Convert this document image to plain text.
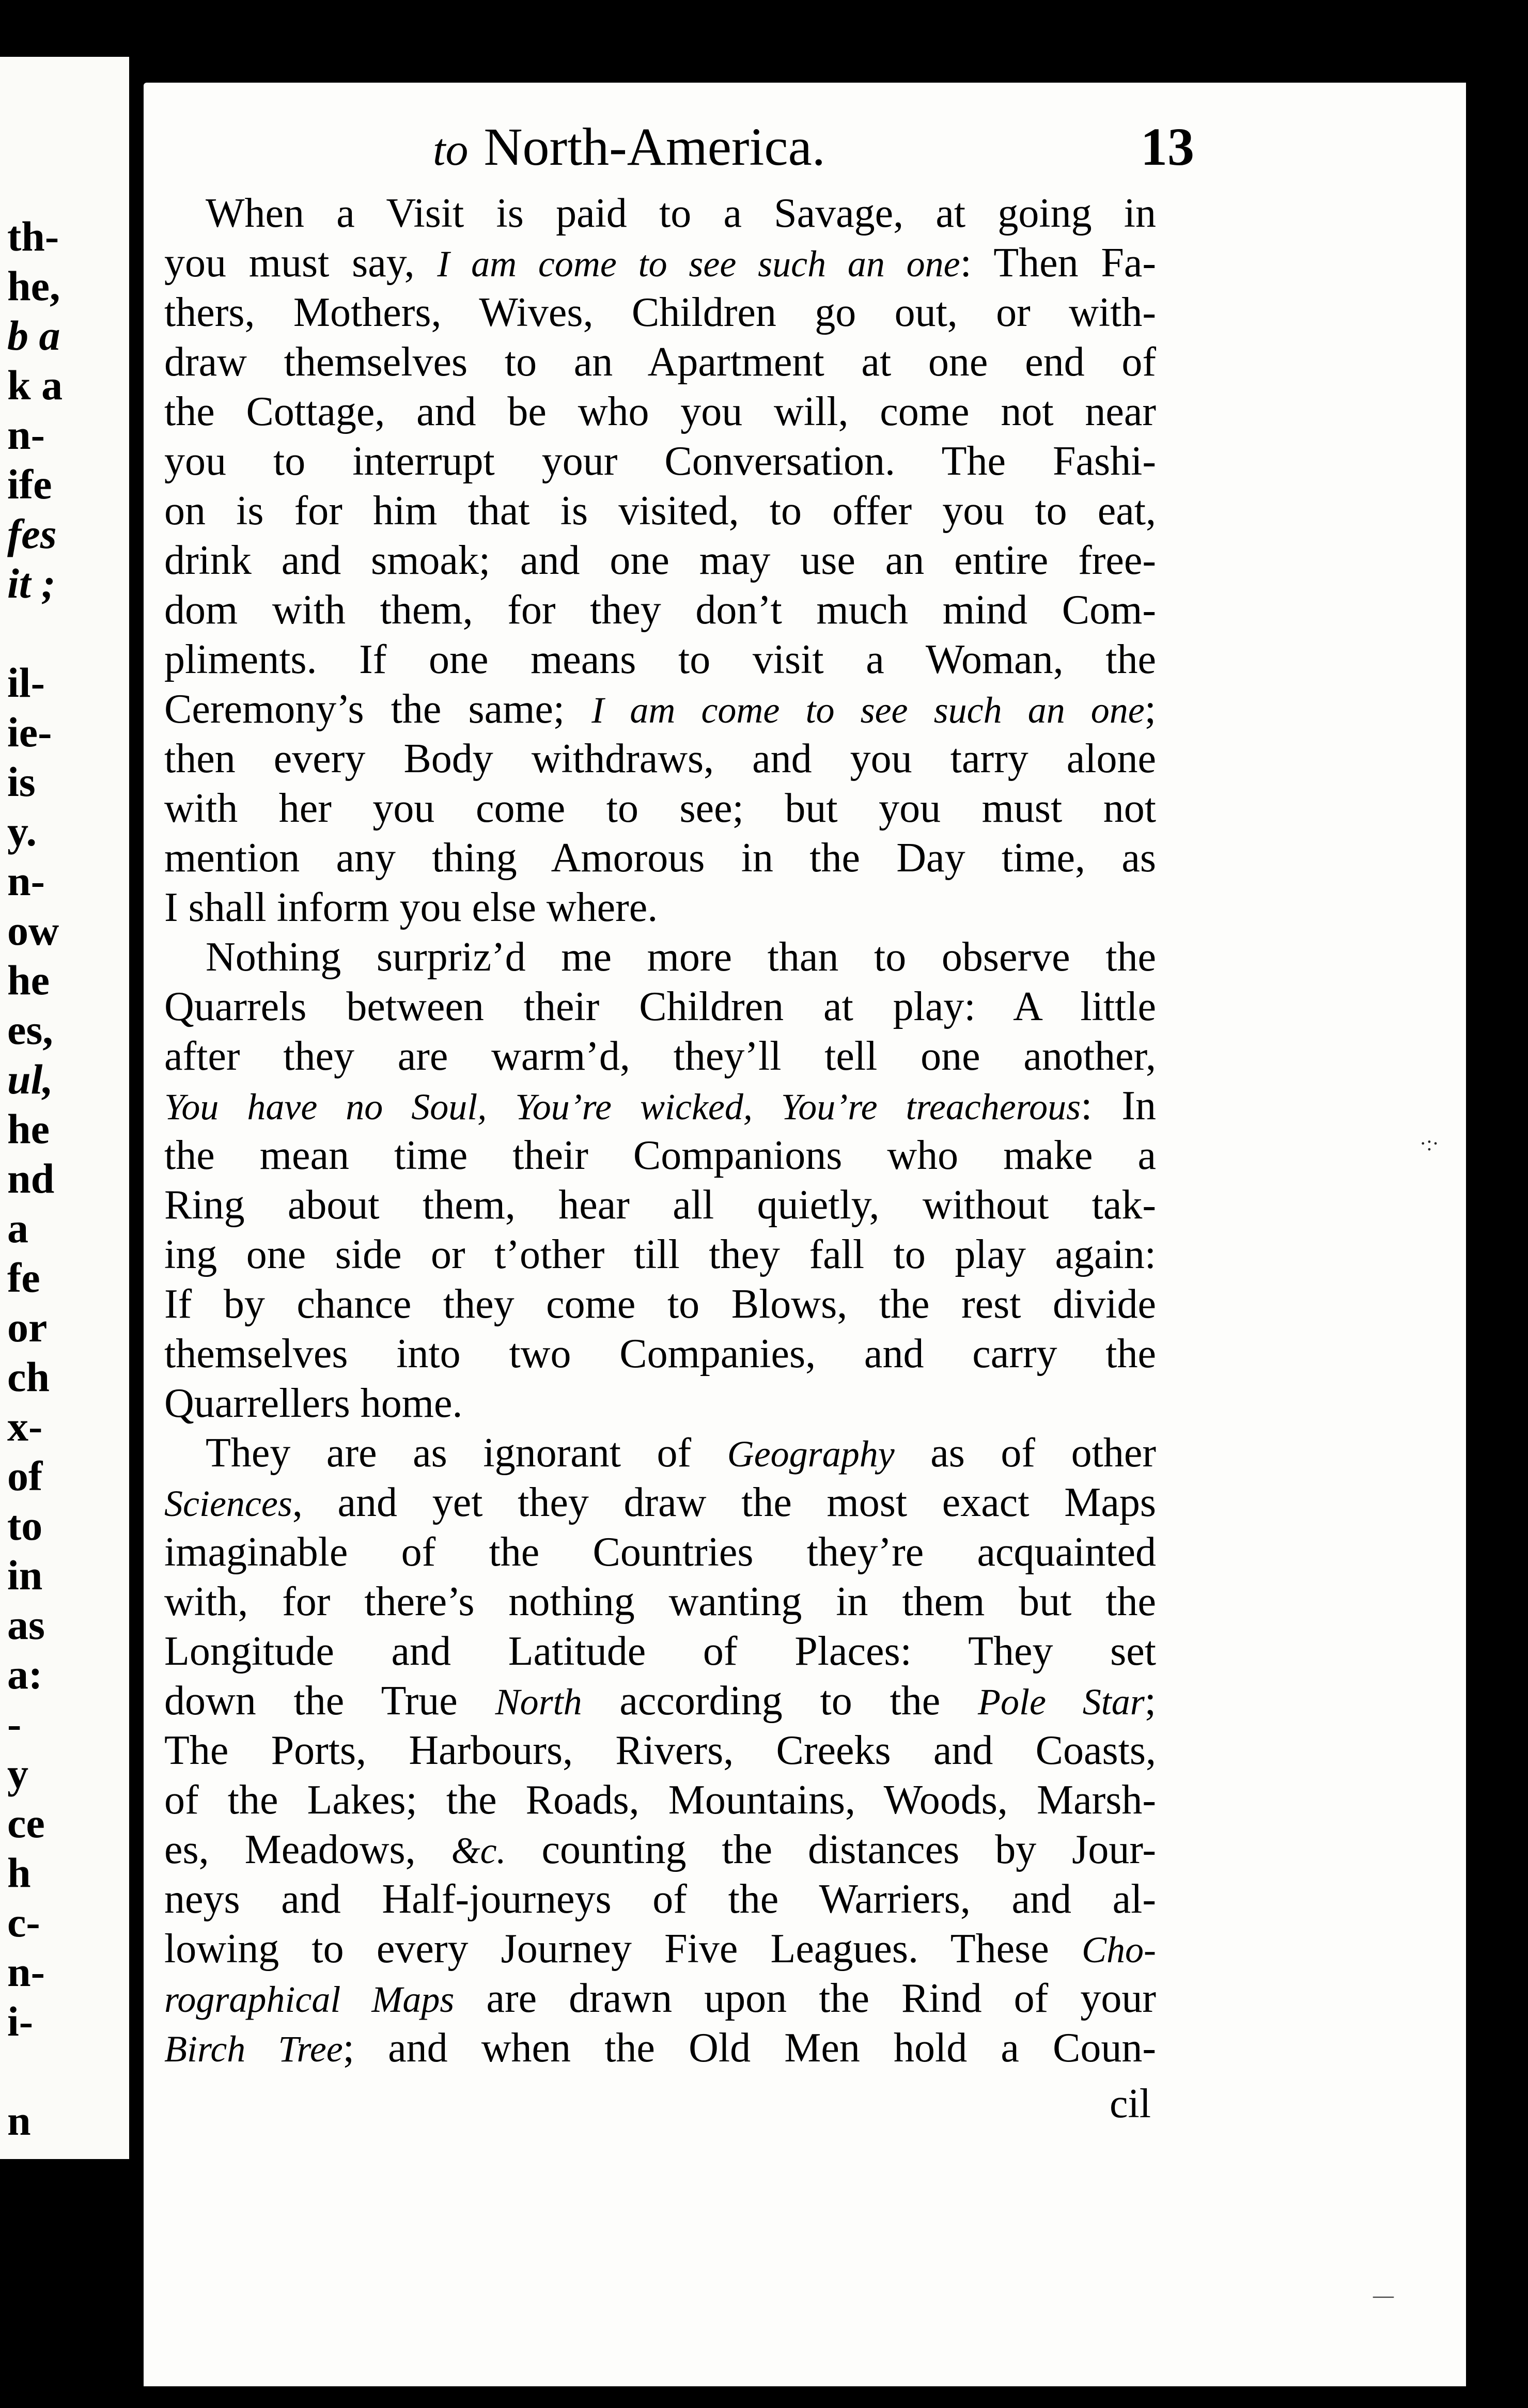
th-
he,
b a
k a
n-
ife
fes
it ;
il-
ie-
is
y.
n-
ow
he
es,
ul,
he
nd
a
fe
or
ch
x-
of
to
in
as
a:
-
y
ce
h
c-
n-
i-
n
to North-America.	13
When a Visit is paid to a Savage, at going in
you must say, I am come to see such an one: Then Fa-
thers, Mothers, Wives, Children go out, or with-
draw themselves to an Apartment at one end of
the Cottage, and be who you will, come not near
you to interrupt your Conversation. The Fashi-
on is for him that is visited, to offer you to eat,
drink and smoak; and one may use an entire free-
dom with them, for they don’t much mind Com-
pliments. If one means to visit a Woman, the
Ceremony’s the same; I am come to see such an one;
then every Body withdraws, and you tarry alone
with her you come to see; but you must not
mention any thing Amorous in the Day time, as
I shall inform you else where.
Nothing surpriz’d me more than to observe the
Quarrels between their Children at play: A little
after they are warm’d, they’ll tell one another,
You have no Soul, You’re wicked, You’re treacherous: In
the mean time their Companions who make a
Ring about them, hear all quietly, without tak-
ing one side or t’other till they fall to play again:
If by chance they come to Blows, the rest divide
themselves into two Companies, and carry the
Quarrellers home.
They are as ignorant of Geography as of other
Sciences, and yet they draw the most exact Maps
imaginable of the Countries they’re acquainted
with, for there’s nothing wanting in them but the
Longitude and Latitude of Places: They set
down the True North according to the Pole Star;
The Ports, Harbours, Rivers, Creeks and Coasts,
of the Lakes; the Roads, Mountains, Woods, Marsh-
es, Meadows, &c. counting the distances by Jour-
neys and Half-journeys of the Warriers, and al-
lowing to every Journey Five Leagues. These Cho-
rographical Maps are drawn upon the Rind of your
Birch Tree; and when the Old Men hold a Coun-
cil
·:·
—
